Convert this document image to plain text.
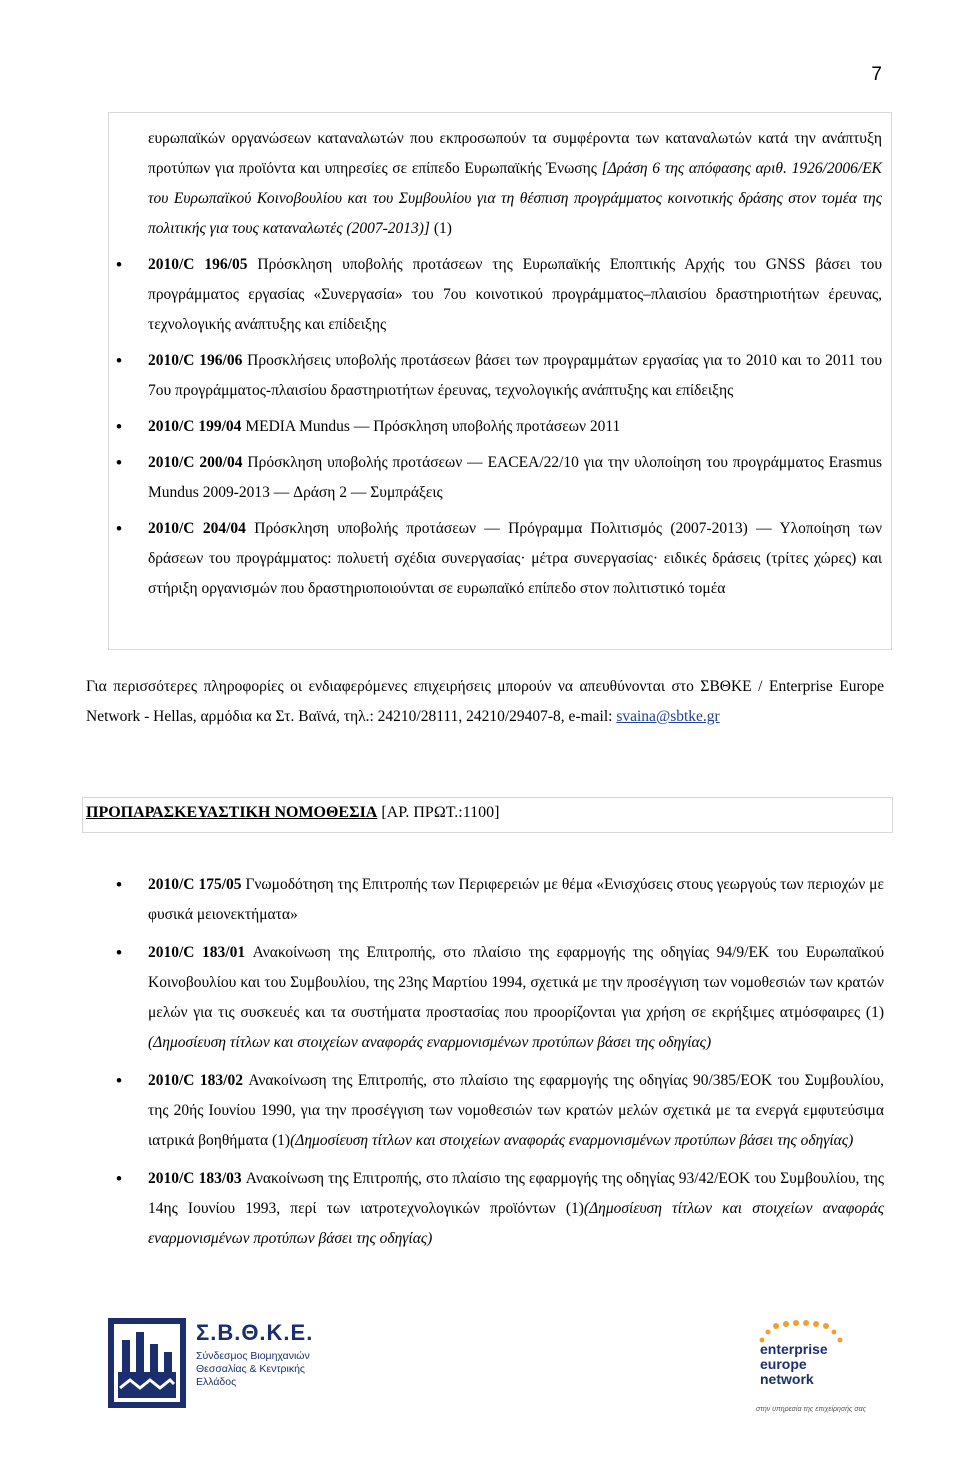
7

ευρωπαϊκών οργανώσεων καταναλωτών που εκπροσωπούν τα συμφέροντα των καταναλωτών κατά την ανάπτυξη προτύπων για προϊόντα και υπηρεσίες σε επίπεδο Ευρωπαϊκής Ένωσης [Δράση 6 της απόφασης αριθ. 1926/2006/ΕΚ του Ευρωπαϊκού Κοινοβουλίου και του Συμβουλίου για τη θέσπιση προγράμματος κοινοτικής δράσης στον τομέα της πολιτικής για τους καταναλωτές (2007-2013)] (1)

• 2010/C 196/05 Πρόσκληση υποβολής προτάσεων της Ευρωπαϊκής Εποπτικής Αρχής του GNSS βάσει του προγράμματος εργασίας «Συνεργασία» του 7ου κοινοτικού προγράμματος–πλαισίου δραστηριοτήτων έρευνας, τεχνολογικής ανάπτυξης και επίδειξης
• 2010/C 196/06 Προσκλήσεις υποβολής προτάσεων βάσει των προγραμμάτων εργασίας για το 2010 και το 2011 του 7ου προγράμματος-πλαισίου δραστηριοτήτων έρευνας, τεχνολογικής ανάπτυξης και επίδειξης
• 2010/C 199/04 MEDIA Mundus — Πρόσκληση υποβολής προτάσεων 2011
• 2010/C 200/04 Πρόσκληση υποβολής προτάσεων — EACEA/22/10 για την υλοποίηση του προγράμματος Erasmus Mundus 2009-2013 — Δράση 2 — Συμπράξεις
• 2010/C 204/04 Πρόσκληση υποβολής προτάσεων — Πρόγραμμα Πολιτισμός (2007-2013) — Υλοποίηση των δράσεων του προγράμματος: πολυετή σχέδια συνεργασίας· μέτρα συνεργασίας· ειδικές δράσεις (τρίτες χώρες) και στήριξη οργανισμών που δραστηριοποιούνται σε ευρωπαϊκό επίπεδο στον πολιτιστικό τομέα

Για περισσότερες πληροφορίες οι ενδιαφερόμενες επιχειρήσεις μπορούν να απευθύνονται στο ΣΒΘΚΕ / Enterprise Europe Network - Hellas, αρμόδια κα Στ. Βαϊνά, τηλ.: 24210/28111, 24210/29407-8, e-mail: svaina@sbtke.gr

ΠΡΟΠΑΡΑΣΚΕΥΑΣΤΙΚΗ ΝΟΜΟΘΕΣΙΑ [ΑΡ. ΠΡΩΤ.:1100]
• 2010/C 175/05 Γνωμοδότηση της Επιτροπής των Περιφερειών με θέμα «Ενισχύσεις στους γεωργούς των περιοχών με φυσικά μειονεκτήματα»
• 2010/C 183/01 Ανακοίνωση της Επιτροπής, στο πλαίσιο της εφαρμογής της οδηγίας 94/9/ΕΚ του Ευρωπαϊκού Κοινοβουλίου και του Συμβουλίου, της 23ης Μαρτίου 1994, σχετικά με την προσέγγιση των νομοθεσιών των κρατών μελών για τις συσκευές και τα συστήματα προστασίας που προορίζονται για χρήση σε εκρήξιμες ατμόσφαιρες (1)(Δημοσίευση τίτλων και στοιχείων αναφοράς εναρμονισμένων προτύπων βάσει της οδηγίας)
• 2010/C 183/02 Ανακοίνωση της Επιτροπής, στο πλαίσιο της εφαρμογής της οδηγίας 90/385/ΕΟΚ του Συμβουλίου, της 20ής Ιουνίου 1990, για την προσέγγιση των νομοθεσιών των κρατών μελών σχετικά με τα ενεργά εμφυτεύσιμα ιατρικά βοηθήματα (1)(Δημοσίευση τίτλων και στοιχείων αναφοράς εναρμονισμένων προτύπων βάσει της οδηγίας)
• 2010/C 183/03 Ανακοίνωση της Επιτροπής, στο πλαίσιο της εφαρμογής της οδηγίας 93/42/ΕΟΚ του Συμβουλίου, της 14ης Ιουνίου 1993, περί των ιατροτεχνολογικών προϊόντων (1)(Δημοσίευση τίτλων και στοιχείων αναφοράς εναρμονισμένων προτύπων βάσει της οδηγίας)
Σ.Β.Θ.Κ.Ε.
Σύνδεσμος Βιομηχανιών Θεσσαλίας & Κεντρικής Ελλάδος
enterprise
europe
network
στην υπηρεσία της επιχείρησής σας
